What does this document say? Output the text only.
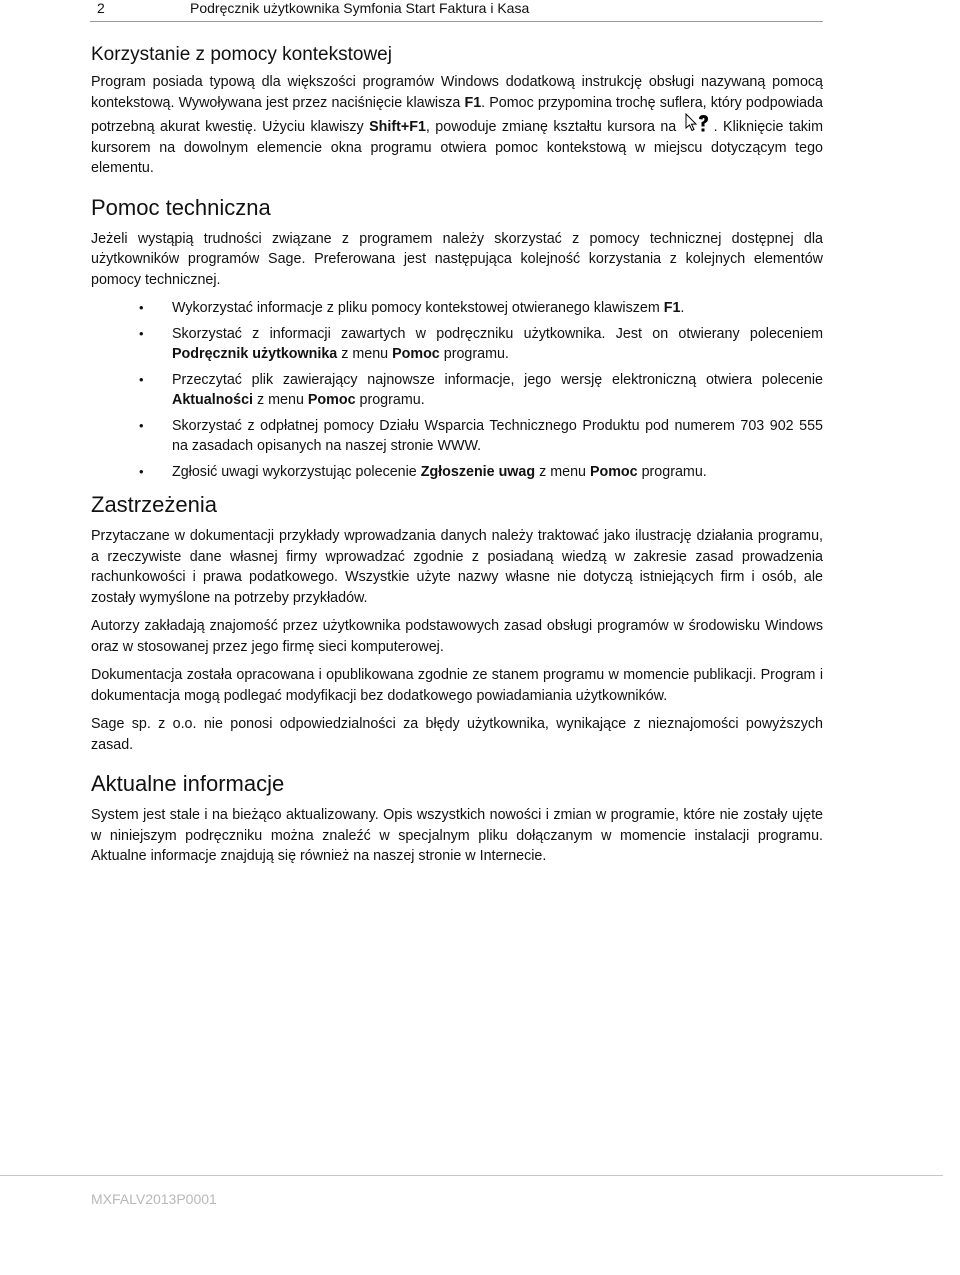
2	Podręcznik użytkownika Symfonia Start Faktura i Kasa
Korzystanie z pomocy kontekstowej

Program posiada typową dla większości programów Windows dodatkową instrukcję obsługi nazywaną pomocą kontekstową. Wywoływana jest przez naciśnięcie klawisza F1. Pomoc przypomina trochę suflera, który podpowiada potrzebną akurat kwestię. Użyciu klawiszy Shift+F1, powoduje zmianę kształtu kursora na . Kliknięcie takim kursorem na dowolnym elemencie okna programu otwiera pomoc kontekstową w miejscu dotyczącym tego elementu.

Pomoc techniczna

Jeżeli wystąpią trudności związane z programem należy skorzystać z pomocy technicznej dostępnej dla użytkowników programów Sage. Preferowana jest następująca kolejność korzystania z kolejnych elementów pomocy technicznej.

• Wykorzystać informacje z pliku pomocy kontekstowej otwieranego klawiszem F1.
• Skorzystać z informacji zawartych w podręczniku użytkownika. Jest on otwierany poleceniem Podręcznik użytkownika z menu Pomoc programu.
• Przeczytać plik zawierający najnowsze informacje, jego wersję elektroniczną otwiera polecenie Aktualności z menu Pomoc programu.
• Skorzystać z odpłatnej pomocy Działu Wsparcia Technicznego Produktu pod numerem 703 902 555 na zasadach opisanych na naszej stronie WWW.
• Zgłosić uwagi wykorzystując polecenie Zgłoszenie uwag z menu Pomoc programu.
Zastrzeżenia

Przytaczane w dokumentacji przykłady wprowadzania danych należy traktować jako ilustrację działania programu, a rzeczywiste dane własnej firmy wprowadzać zgodnie z posiadaną wiedzą w zakresie zasad prowadzenia rachunkowości i prawa podatkowego. Wszystkie użyte nazwy własne nie dotyczą istniejących firm i osób, ale zostały wymyślone na potrzeby przykładów.

Autorzy zakładają znajomość przez użytkownika podstawowych zasad obsługi programów w środowisku Windows oraz w stosowanej przez jego firmę sieci komputerowej.

Dokumentacja została opracowana i opublikowana zgodnie ze stanem programu w momencie publikacji. Program i dokumentacja mogą podlegać modyfikacji bez dodatkowego powiadamiania użytkowników.

Sage sp. z o.o. nie ponosi odpowiedzialności za błędy użytkownika, wynikające z nieznajomości powyższych zasad.

Aktualne informacje

System jest stale i na bieżąco aktualizowany. Opis wszystkich nowości i zmian w programie, które nie zostały ujęte w niniejszym podręczniku można znaleźć w specjalnym pliku dołączanym w momencie instalacji programu. Aktualne informacje znajdują się również na naszej stronie w Internecie.

MXFALV2013P0001
